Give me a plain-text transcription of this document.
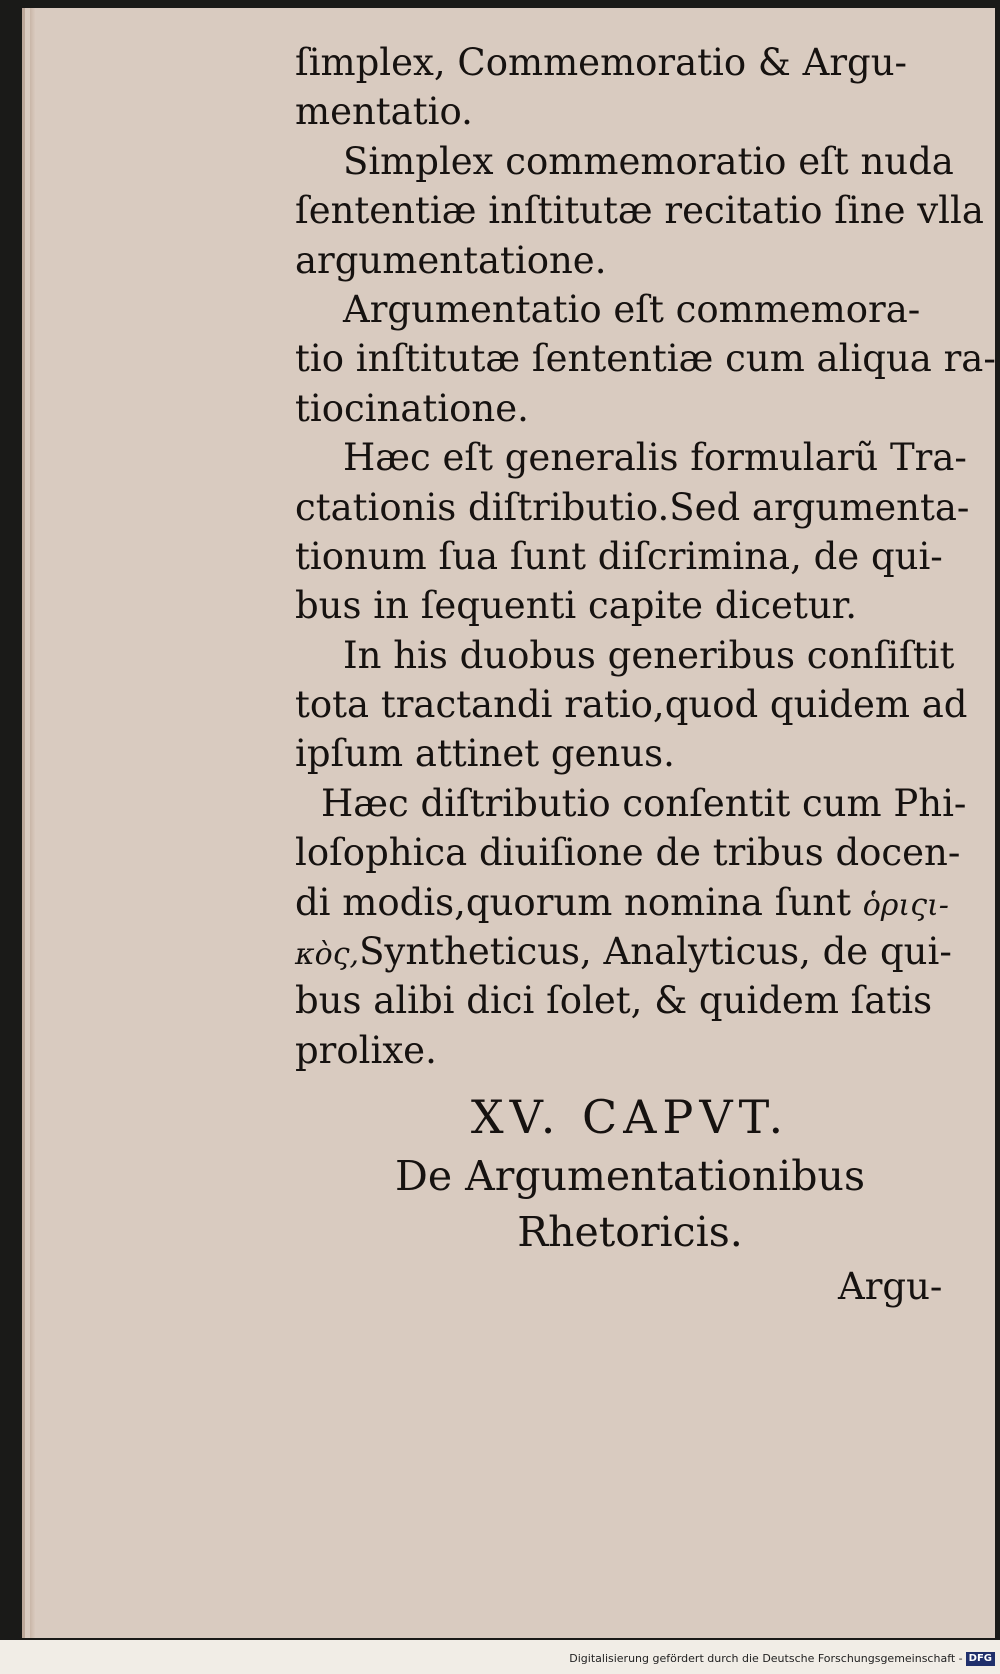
ſimplex, Commemoratio & Argu-
mentatio.
Simplex commemoratio eſt nuda
ſententiæ inſtitutæ recitatio ſine vlla
argumentatione.
Argumentatio eſt commemora-
tio inſtitutæ ſententiæ cum aliqua ra-
tiocinatione.
Hæc eſt generalis formularũ Tra-
ctationis diſtributio.Sed argumenta-
tionum ſua ſunt diſcrimina, de qui-
bus in ſequenti capite dicetur.
In his duobus generibus conſiſtit
tota tractandi ratio,quod quidem ad
ipſum attinet genus.
Hæc diſtributio conſentit cum Phi-
loſophica diuiſione de tribus docen-
di modis,quorum nomina ſunt ὁριςι-
κὸς,Syntheticus, Analyticus, de qui-
bus alibi dici ſolet, & quidem ſatis
prolixe.
XV. CAPVT.
De Argumentationibus
Rhetoricis.
Argu-
Digitalisierung gefördert durch die Deutsche Forschungsgemeinschaft - DFG
